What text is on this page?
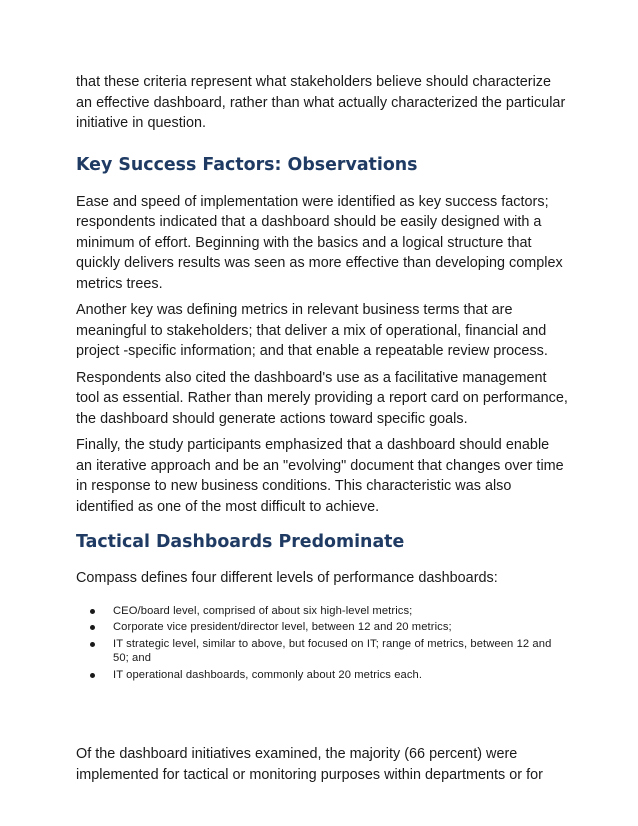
that these criteria represent what stakeholders believe should characterize an effective dashboard, rather than what actually characterized the particular initiative in question.

Key Success Factors: Observations

Ease and speed of implementation were identified as key success factors; respondents indicated that a dashboard should be easily designed with a minimum of effort. Beginning with the basics and a logical structure that quickly delivers results was seen as more effective than developing complex metrics trees.

Another key was defining metrics in relevant business terms that are meaningful to stakeholders; that deliver a mix of operational, financial and project -specific information; and that enable a repeatable review process.

Respondents also cited the dashboard's use as a facilitative management tool as essential. Rather than merely providing a report card on performance, the dashboard should generate actions toward specific goals.

Finally, the study participants emphasized that a dashboard should enable an iterative approach and be an "evolving" document that changes over time in response to new business conditions. This characteristic was also identified as one of the most difficult to achieve.

Tactical Dashboards Predominate

Compass defines four different levels of performance dashboards:

CEO/board level, comprised of about six high-level metrics;
Corporate vice president/director level, between 12 and 20 metrics;
IT strategic level, similar to above, but focused on IT; range of metrics, between 12 and 50; and
IT operational dashboards, commonly about 20 metrics each.

Of the dashboard initiatives examined, the majority (66 percent) were implemented for tactical or monitoring purposes within departments or for
